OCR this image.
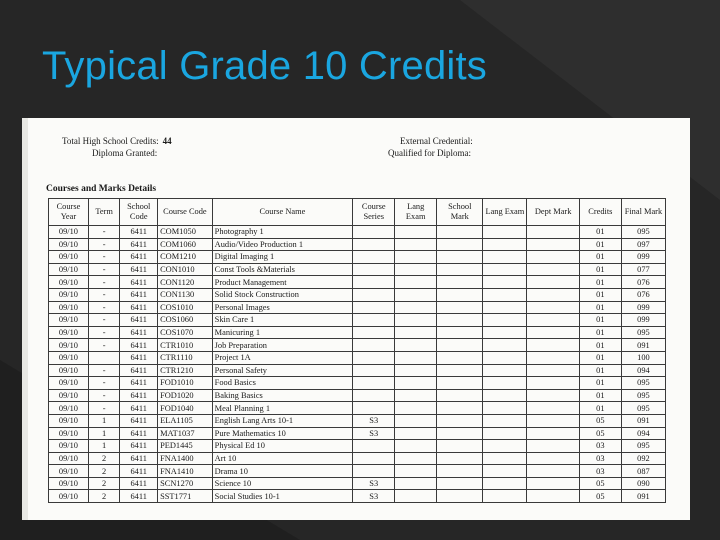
Typical Grade 10 Credits
Total High School Credits: 44
Diploma Granted:
External Credential:
Qualified for Diploma:
Courses and Marks Details
Course Year	Term	School Code	Course Code	Course Name	Course Series	Lang Exam	School Mark	Lang Exam	Dept Mark	Credits	Final Mark
09/10	-	6411	COM1050	Photography 1						01	095
09/10	-	6411	COM1060	Audio/Video Production 1						01	097
09/10	-	6411	COM1210	Digital Imaging 1						01	099
09/10	-	6411	CON1010	Const Tools &Materials						01	077
09/10	-	6411	CON1120	Product Management						01	076
09/10	-	6411	CON1130	Solid Stock Construction						01	076
09/10	-	6411	COS1010	Personal Images						01	099
09/10	-	6411	COS1060	Skin Care 1						01	099
09/10	-	6411	COS1070	Manicuring 1						01	095
09/10	-	6411	CTR1010	Job Preparation						01	091
09/10		6411	CTR1110	Project 1A						01	100
09/10	-	6411	CTR1210	Personal Safety						01	094
09/10	-	6411	FOD1010	Food Basics						01	095
09/10	-	6411	FOD1020	Baking Basics						01	095
09/10	-	6411	FOD1040	Meal Planning 1						01	095
09/10	1	6411	ELA1105	English Lang Arts 10-1	S3					05	091
09/10	1	6411	MAT1037	Pure Mathematics 10	S3					05	094
09/10	1	6411	PED1445	Physical Ed 10						03	095
09/10	2	6411	FNA1400	Art 10						03	092
09/10	2	6411	FNA1410	Drama 10						03	087
09/10	2	6411	SCN1270	Science 10	S3					05	090
09/10	2	6411	SST1771	Social Studies 10-1	S3					05	091
